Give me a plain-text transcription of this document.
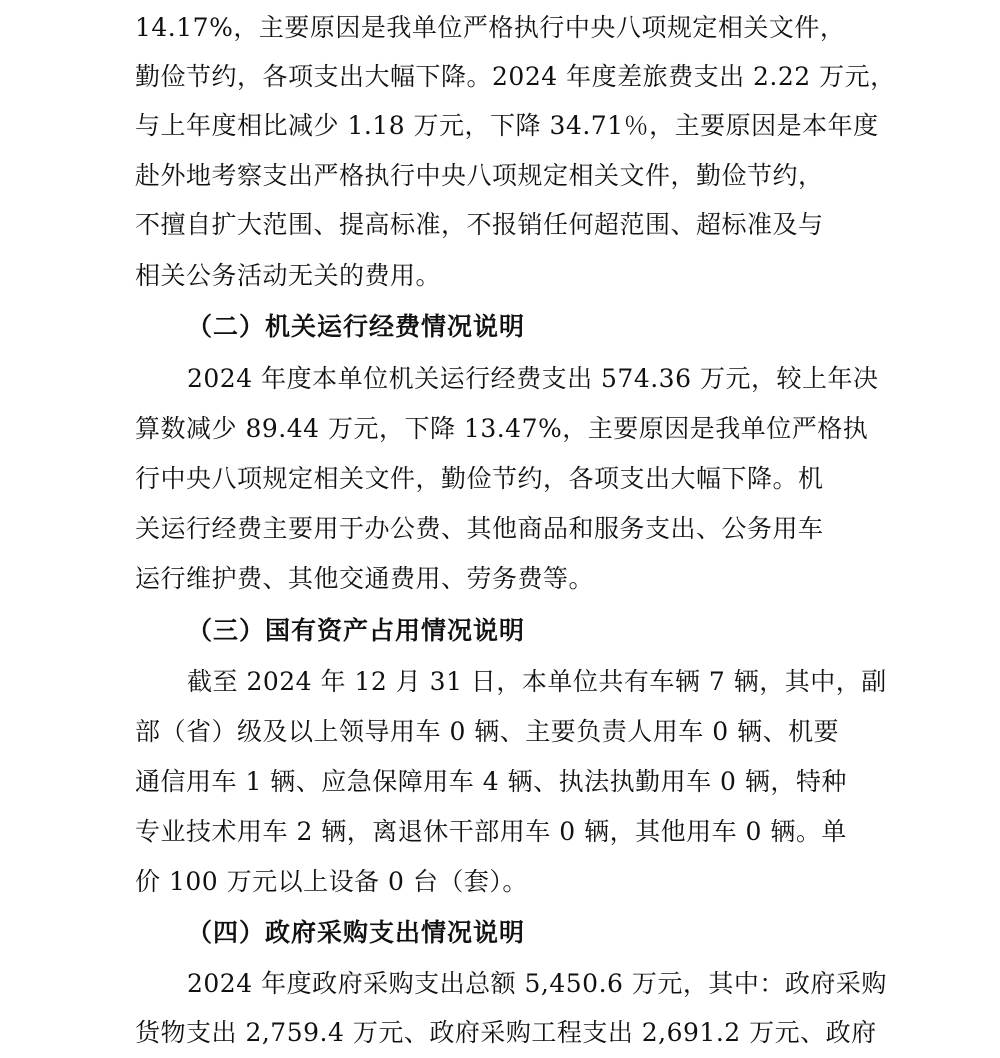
14.17%，主要原因是我单位严格执行中央八项规定相关文件，
勤俭节约，各项支出大幅下降。2024 年度差旅费支出 2.22 万元，
与上年度相比减少 1.18 万元，下降 34.71％，主要原因是本年度
赴外地考察支出严格执行中央八项规定相关文件，勤俭节约，
不擅自扩大范围、提高标准，不报销任何超范围、超标准及与
相关公务活动无关的费用。
（二）机关运行经费情况说明
2024 年度本单位机关运行经费支出 574.36 万元，较上年决
算数减少 89.44 万元，下降 13.47%，主要原因是我单位严格执
行中央八项规定相关文件，勤俭节约，各项支出大幅下降。机
关运行经费主要用于办公费、其他商品和服务支出、公务用车
运行维护费、其他交通费用、劳务费等。
（三）国有资产占用情况说明
截至 2024 年 12 月 31 日，本单位共有车辆 7 辆，其中，副
部（省）级及以上领导用车 0 辆、主要负责人用车 0 辆、机要
通信用车 1 辆、应急保障用车 4 辆、执法执勤用车 0 辆，特种
专业技术用车 2 辆，离退休干部用车 0 辆，其他用车 0 辆。单
价 100 万元以上设备 0 台（套）。
（四）政府采购支出情况说明
2024 年度政府采购支出总额 5,450.6 万元，其中：政府采购
货物支出 2,759.4 万元、政府采购工程支出 2,691.2 万元、政府
